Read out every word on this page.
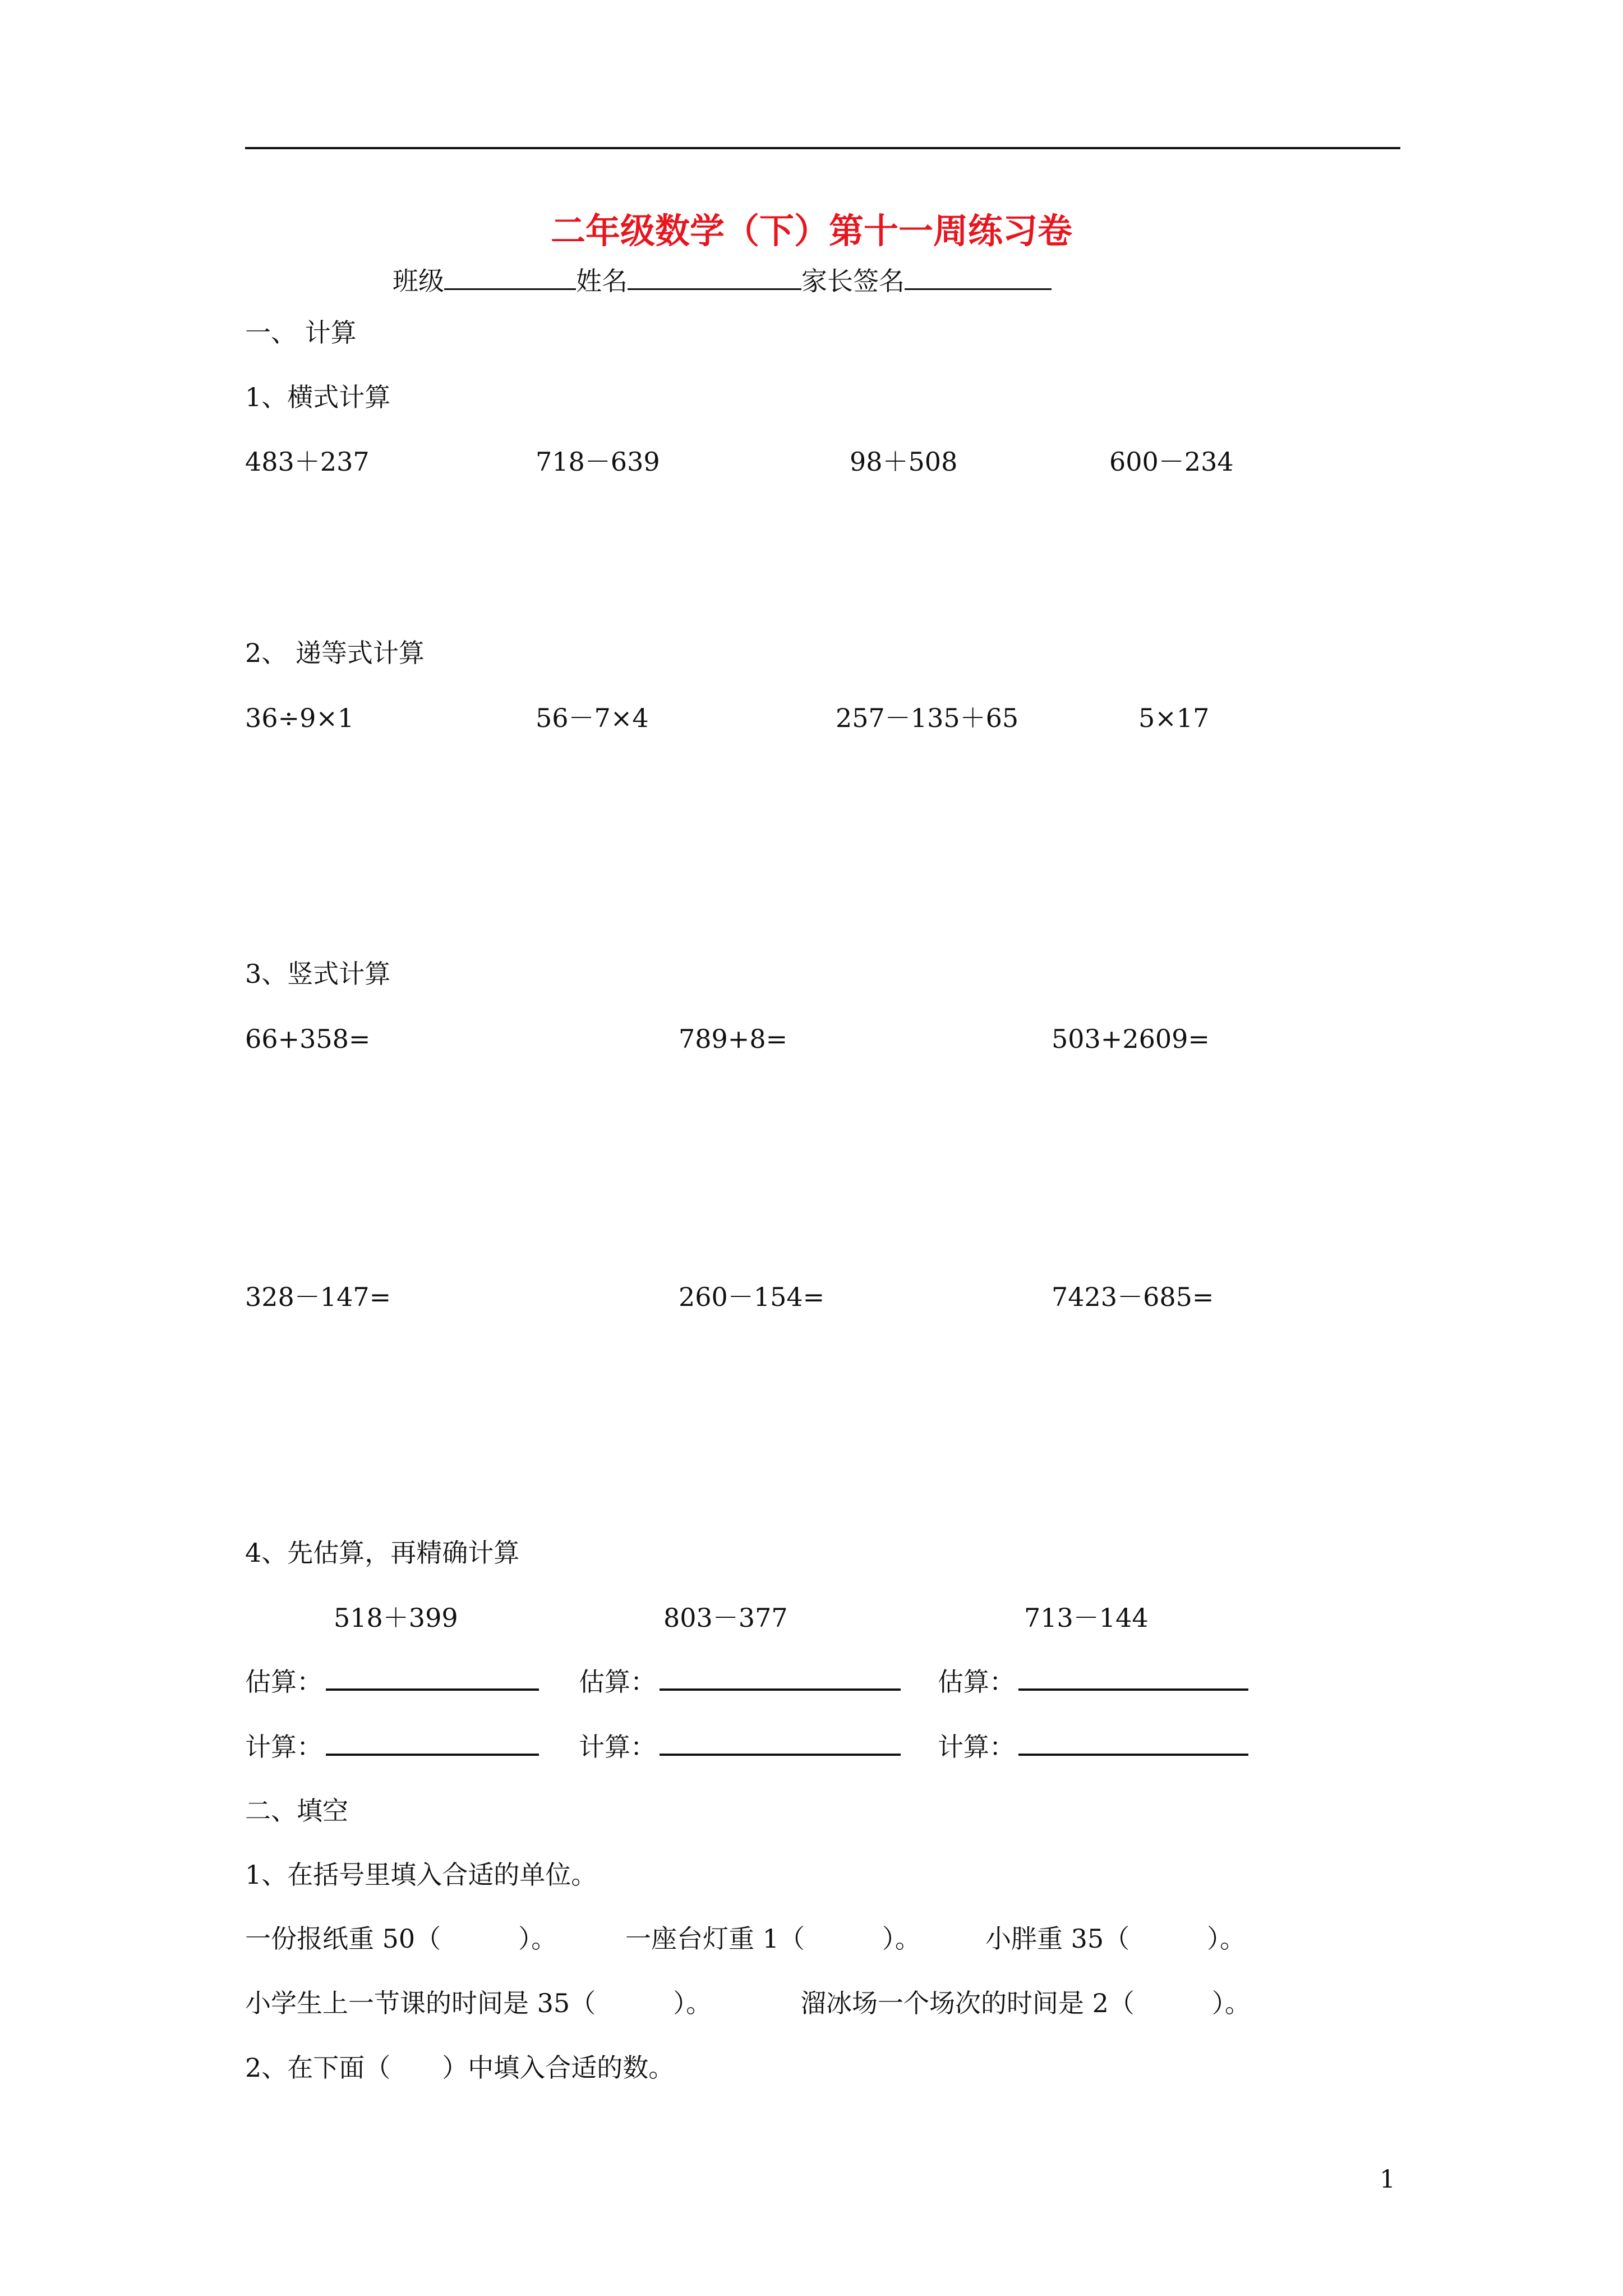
二年级数学（下）第十一周练习卷
班级	姓名	家长签名
一、 计算
1、横式计算
483＋237	718－639	98＋508	600－234
2、 递等式计算
36÷9×1	56－7×4	257－135＋65	5×17
3、竖式计算
66+358=	789+8=	503+2609=
328－147=	260－154=	7423－685=
4、先估算，再精确计算
518＋399	803－377	713－144
估算：	估算：	估算：
计算：	计算：	计算：
二、填空
1、在括号里填入合适的单位。
一份报纸重 50（　　　）。	一座台灯重 1（　　　）。	小胖重 35（　　　）。
小学生上一节课的时间是 35（　　　）。	溜冰场一个场次的时间是 2（　　　）。
2、在下面（　　）中填入合适的数。
1
